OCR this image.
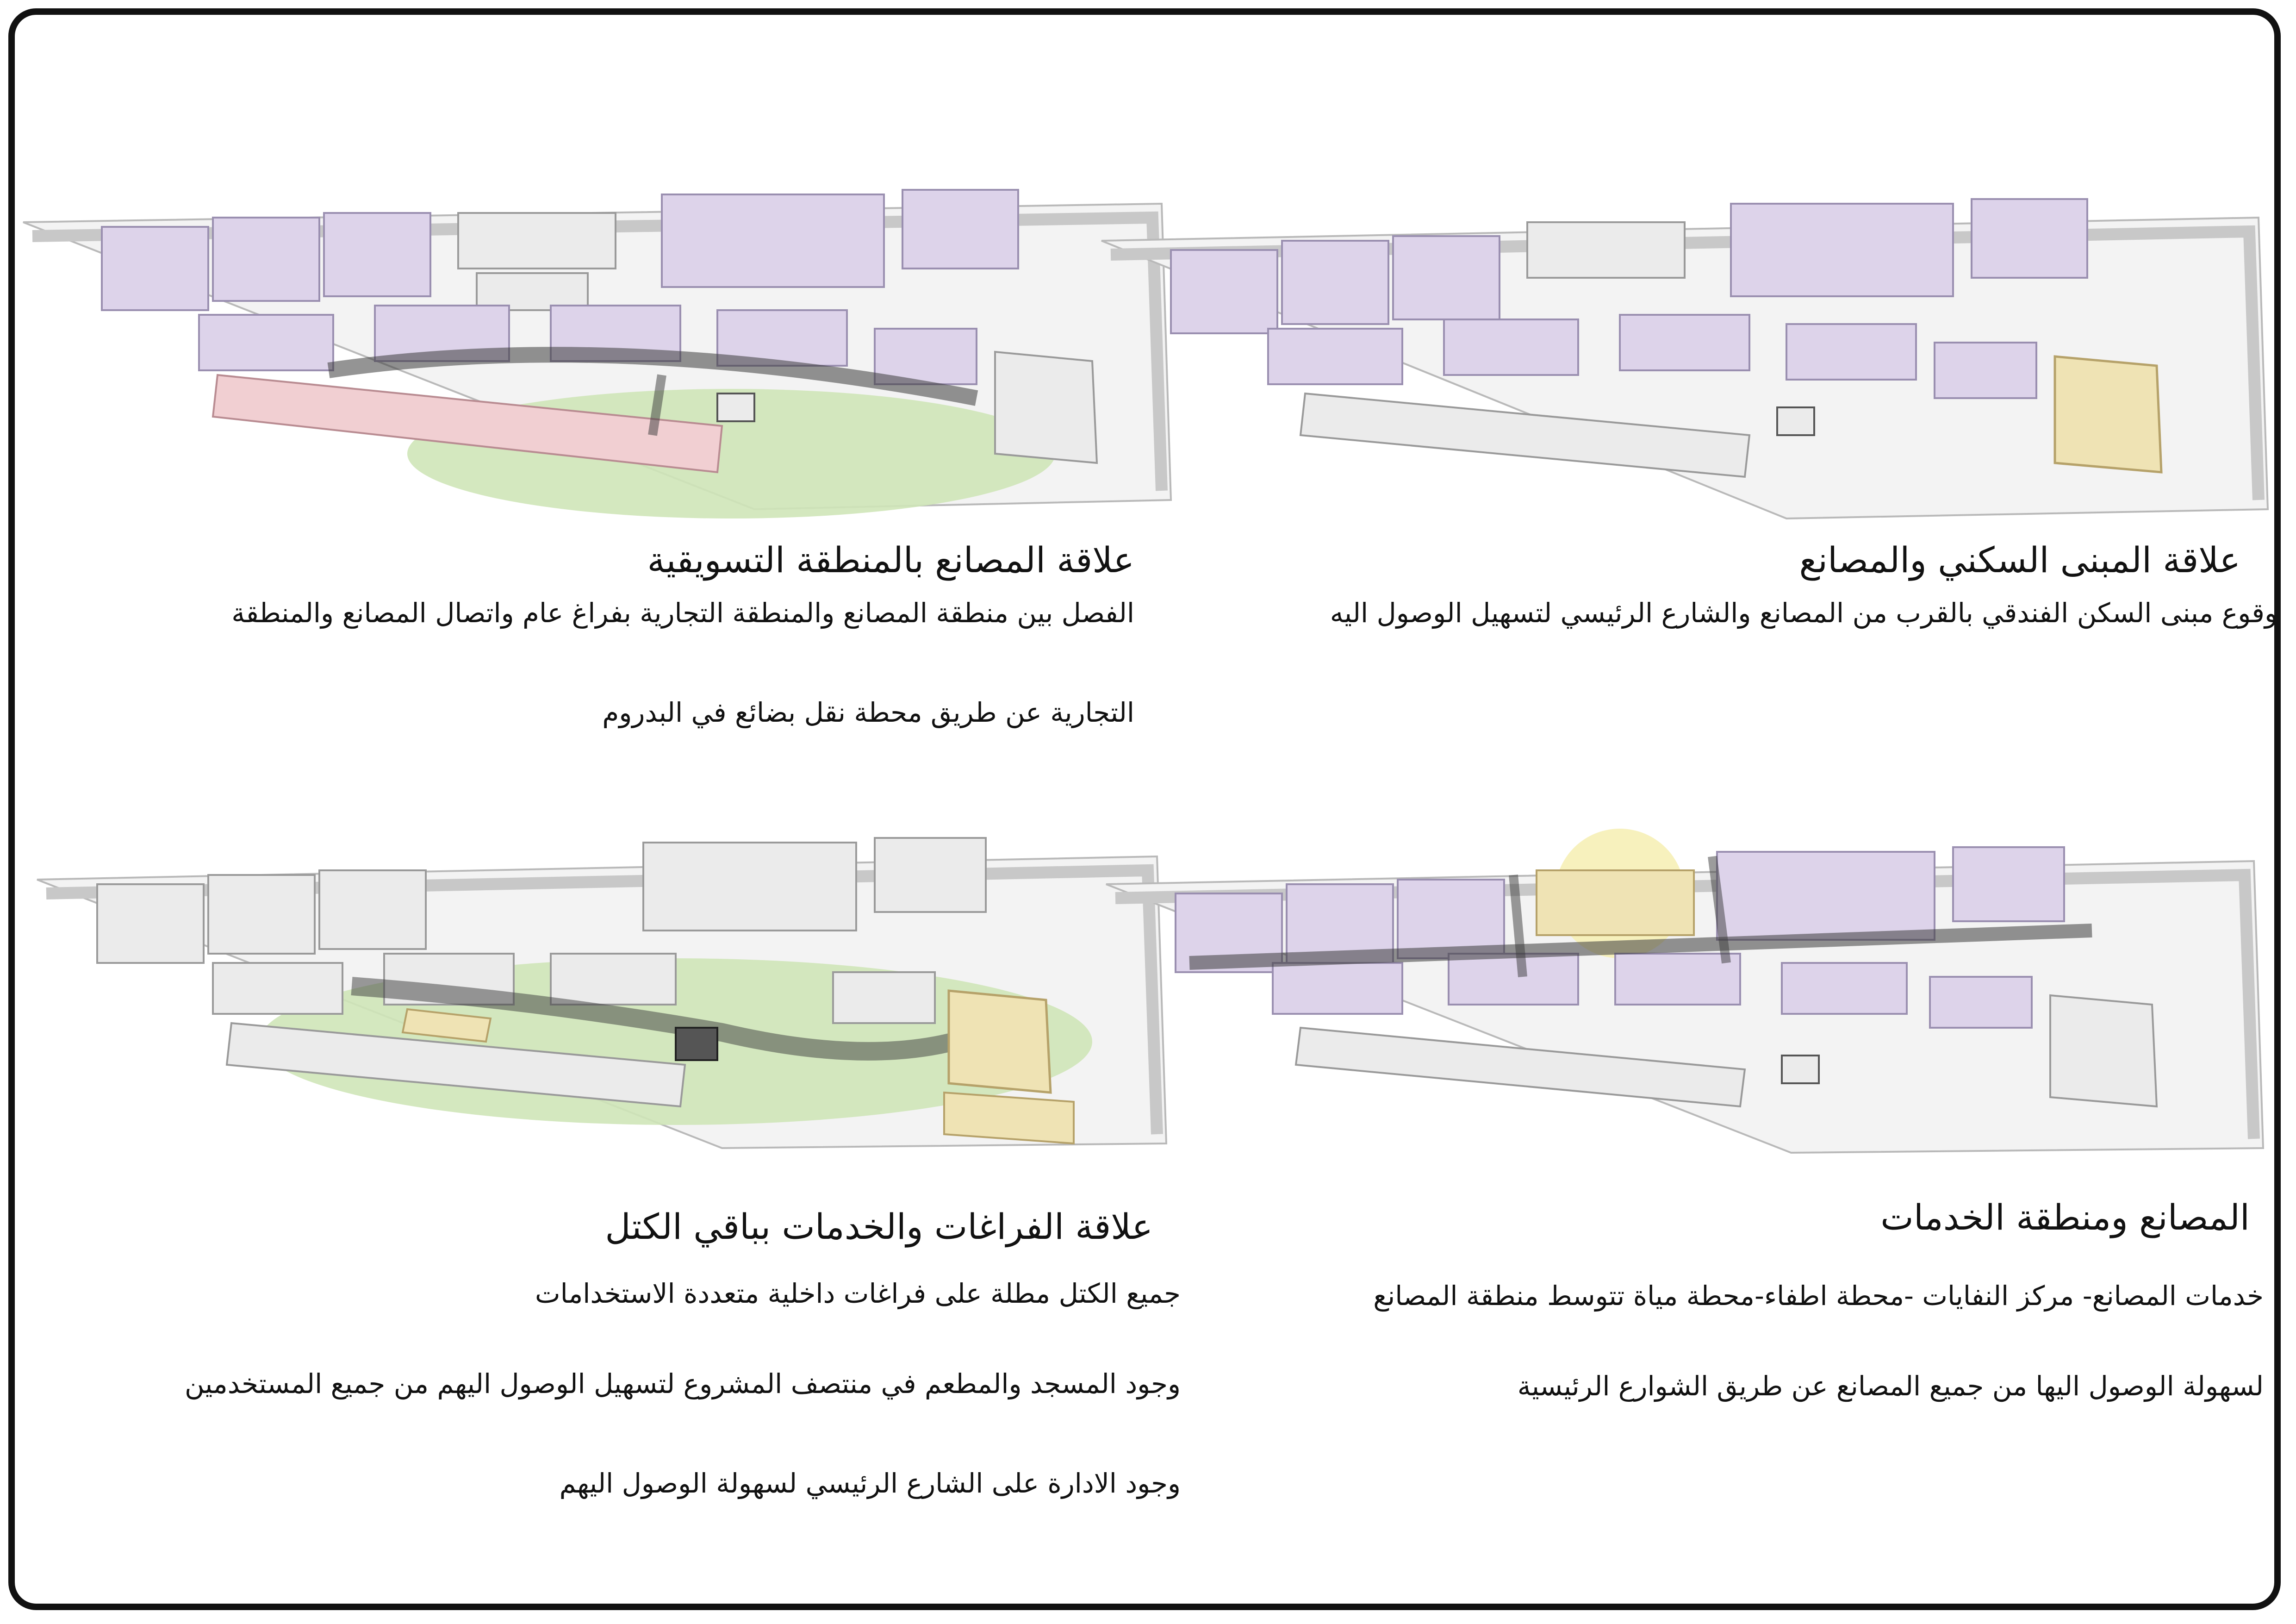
علاقة المصانع بالمنطقة التسويقية
الفصل بين منطقة المصانع والمنطقة التجارية بفراغ عام واتصال المصانع والمنطقة
التجارية عن طريق محطة نقل بضائع في البدروم
علاقة المبنى السكني والمصانع
وقوع مبنى السكن الفندقي بالقرب من المصانع والشارع الرئيسي لتسهيل الوصول اليه
علاقة الفراغات والخدمات بباقي الكتل
جميع الكتل مطلة على فراغات داخلية متعددة الاستخدامات
وجود المسجد والمطعم في منتصف المشروع لتسهيل الوصول اليهم من جميع المستخدمين
وجود الادارة على الشارع الرئيسي لسهولة الوصول اليهم
المصانع ومنطقة الخدمات
خدمات المصانع- مركز النفايات -محطة اطفاء-محطة مياة تتوسط منطقة المصانع
لسهولة الوصول اليها من جميع المصانع عن طريق الشوارع الرئيسية
